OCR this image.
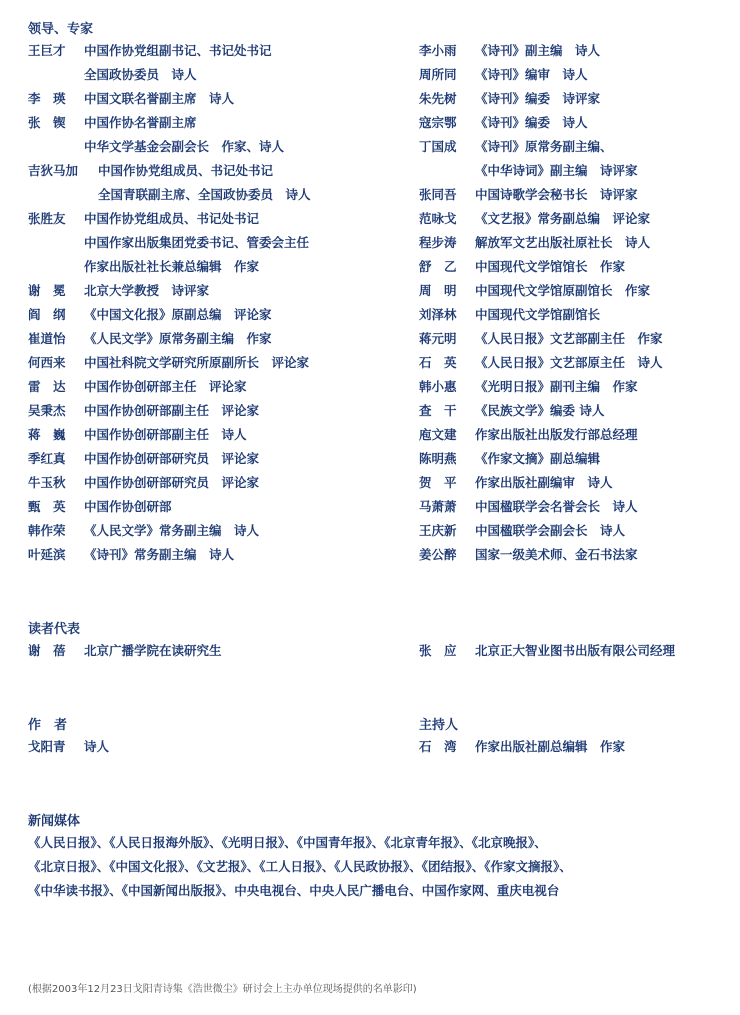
领导、专家
王巨才 中国作协党组副书记、书记处书记
全国政协委员　诗人
李　瑛 中国文联名誉副主席　诗人
张　锲 中国作协名誉副主席
中华文学基金会副会长　作家、诗人
吉狄马加 中国作协党组成员、书记处书记
全国青联副主席、全国政协委员　诗人
张胜友 中国作协党组成员、书记处书记
中国作家出版集团党委书记、管委会主任
作家出版社社长兼总编辑　作家
谢　冕 北京大学教授　诗评家
阎　纲 《中国文化报》原副总编　评论家
崔道怡 《人民文学》原常务副主编　作家
何西来 中国社科院文学研究所原副所长　评论家
雷　达 中国作协创研部主任　评论家
吴秉杰 中国作协创研部副主任　评论家
蒋　巍 中国作协创研部副主任　诗人
季红真 中国作协创研部研究员　评论家
牛玉秋 中国作协创研部研究员　评论家
甄　英 中国作协创研部
韩作荣 《人民文学》常务副主编　诗人
叶延滨 《诗刊》常务副主编　诗人
李小雨 《诗刊》副主编　诗人
周所同 《诗刊》编审　诗人
朱先树 《诗刊》编委　诗评家
寇宗鄂 《诗刊》编委　诗人
丁国成 《诗刊》原常务副主编、
《中华诗词》副主编　诗评家
张同吾 中国诗歌学会秘书长　诗评家
范咏戈 《文艺报》常务副总编　评论家
程步涛 解放军文艺出版社原社长　诗人
舒　乙 中国现代文学馆馆长　作家
周　明 中国现代文学馆原副馆长　作家
刘泽林 中国现代文学馆副馆长
蒋元明 《人民日报》文艺部副主任　作家
石　英 《人民日报》文艺部原主任　诗人
韩小惠 《光明日报》副刊主编　作家
查　干 《民族文学》编委 诗人
庖文建 作家出版社出版发行部总经理
陈明燕 《作家文摘》副总编辑
贺　平 作家出版社副编审　诗人
马萧萧 中国楹联学会名誉会长　诗人
王庆新 中国楹联学会副会长　诗人
姜公醉 国家一级美术师、金石书法家
读者代表
谢　蓓 北京广播学院在读研究生	张　应 北京正大智业图书出版有限公司经理
作　者	主持人
戈阳青 诗人	石　湾 作家出版社副总编辑　作家
新闻媒体
《人民日报》、《人民日报海外版》、《光明日报》、《中国青年报》、《北京青年报》、《北京晚报》、
《北京日报》、《中国文化报》、《文艺报》、《工人日报》、《人民政协报》、《团结报》、《作家文摘报》、
《中华读书报》、《中国新闻出版报》、中央电视台、中央人民广播电台、中国作家网、重庆电视台
(根据2003年12月23日戈阳青诗集《浩世微尘》研讨会上主办单位现场提供的名单影印)
